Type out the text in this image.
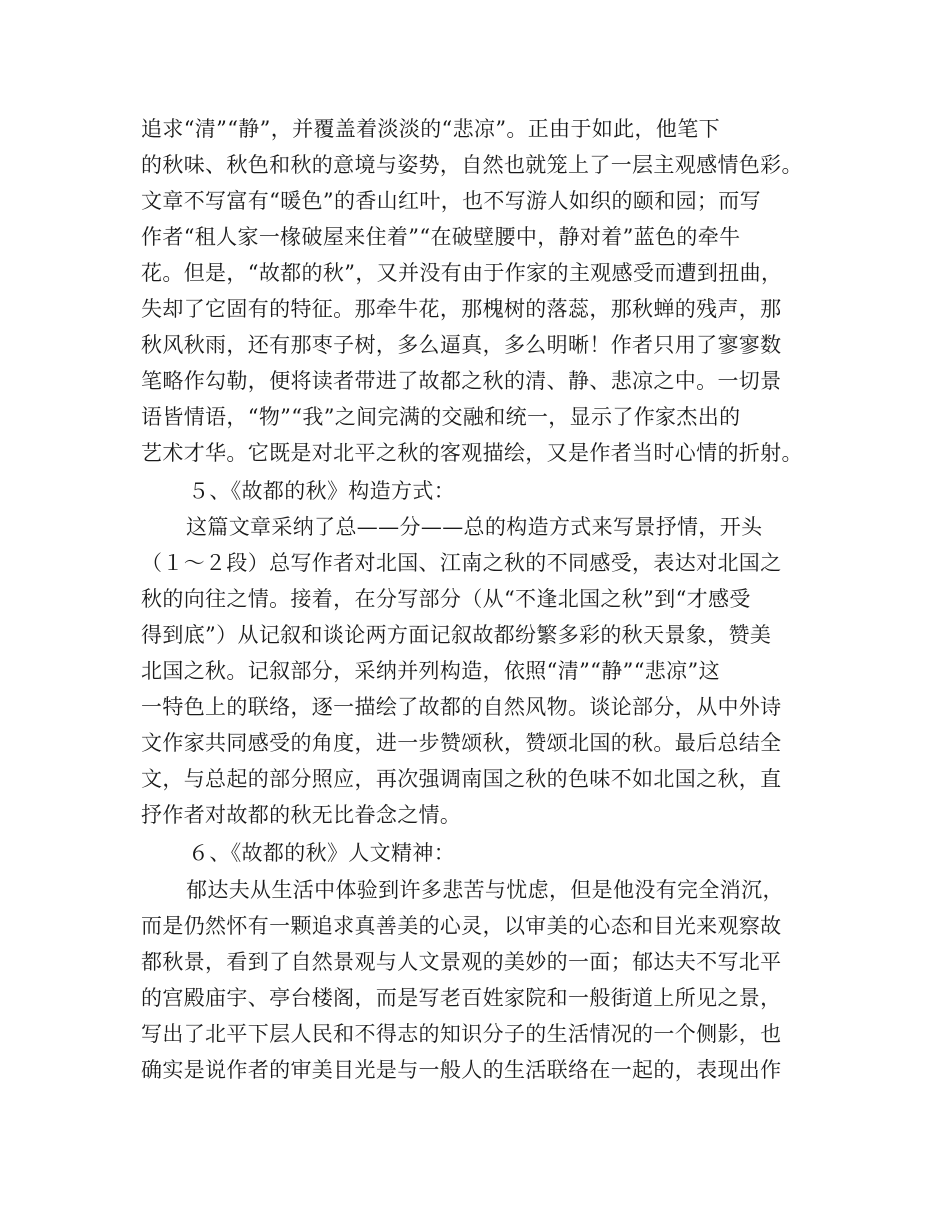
追求“清”“静”，并覆盖着淡淡的“悲凉”。正由于如此，他笔下
的秋味、秋色和秋的意境与姿势，自然也就笼上了一层主观感情色彩。
文章不写富有“暖色”的香山红叶，也不写游人如织的颐和园；而写
作者“租人家一椽破屋来住着”“在破壁腰中，静对着”蓝色的牵牛
花。但是，“故都的秋”，又并没有由于作家的主观感受而遭到扭曲，
失却了它固有的特征。那牵牛花，那槐树的落蕊，那秋蝉的残声，那
秋风秋雨，还有那枣子树，多么逼真，多么明晰！作者只用了寥寥数
笔略作勾勒，便将读者带进了故都之秋的清、静、悲凉之中。一切景
语皆情语，“物”“我”之间完满的交融和统一，显示了作家杰出的
艺术才华。它既是对北平之秋的客观描绘，又是作者当时心情的折射。
５、《故都的秋》构造方式：
这篇文章采纳了总——分——总的构造方式来写景抒情，开头
（１～２段）总写作者对北国、江南之秋的不同感受，表达对北国之
秋的向往之情。接着，在分写部分（从“不逢北国之秋”到“才感受
得到底”）从记叙和谈论两方面记叙故都纷繁多彩的秋天景象，赞美
北国之秋。记叙部分，采纳并列构造，依照“清”“静”“悲凉”这
一特色上的联络，逐一描绘了故都的自然风物。谈论部分，从中外诗
文作家共同感受的角度，进一步赞颂秋，赞颂北国的秋。最后总结全
文，与总起的部分照应，再次强调南国之秋的色味不如北国之秋，直
抒作者对故都的秋无比眷念之情。
６、《故都的秋》人文精神：
郁达夫从生活中体验到许多悲苦与忧虑，但是他没有完全消沉，
而是仍然怀有一颗追求真善美的心灵，以审美的心态和目光来观察故
都秋景，看到了自然景观与人文景观的美妙的一面；郁达夫不写北平
的宫殿庙宇、亭台楼阁，而是写老百姓家院和一般街道上所见之景，
写出了北平下层人民和不得志的知识分子的生活情况的一个侧影，也
确实是说作者的审美目光是与一般人的生活联络在一起的，表现出作
